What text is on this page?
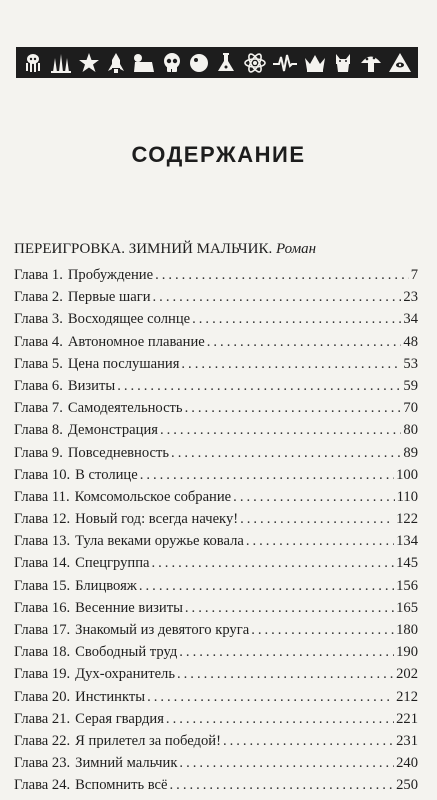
СОДЕРЖАНИЕ
ПЕРЕИГРОВКА. ЗИМНИЙ МАЛЬЧИК. Роман
Глава 1. Пробуждение .....	7
Глава 2. Первые шаги .....	23
Глава 3. Восходящее солнце .....	34
Глава 4. Автономное плавание .....	48
Глава 5. Цена послушания .....	53
Глава 6. Визиты .....	59
Глава 7. Самодеятельность .....	70
Глава 8. Демонстрация .....	80
Глава 9. Повседневность .....	89
Глава 10. В столице .....	100
Глава 11. Комсомольское собрание .....	110
Глава 12. Новый год: всегда начеку! .....	122
Глава 13. Тула веками оружье ковала .....	134
Глава 14. Спецгруппа .....	145
Глава 15. Блицвояж .....	156
Глава 16. Весенние визиты .....	165
Глава 17. Знакомый из девятого круга .....	180
Глава 18. Свободный труд .....	190
Глава 19. Дух-охранитель .....	202
Глава 20. Инстинкты .....	212
Глава 21. Серая гвардия .....	221
Глава 22. Я прилетел за победой! .....	231
Глава 23. Зимний мальчик .....	240
Глава 24. Вспомнить всё .....	250
